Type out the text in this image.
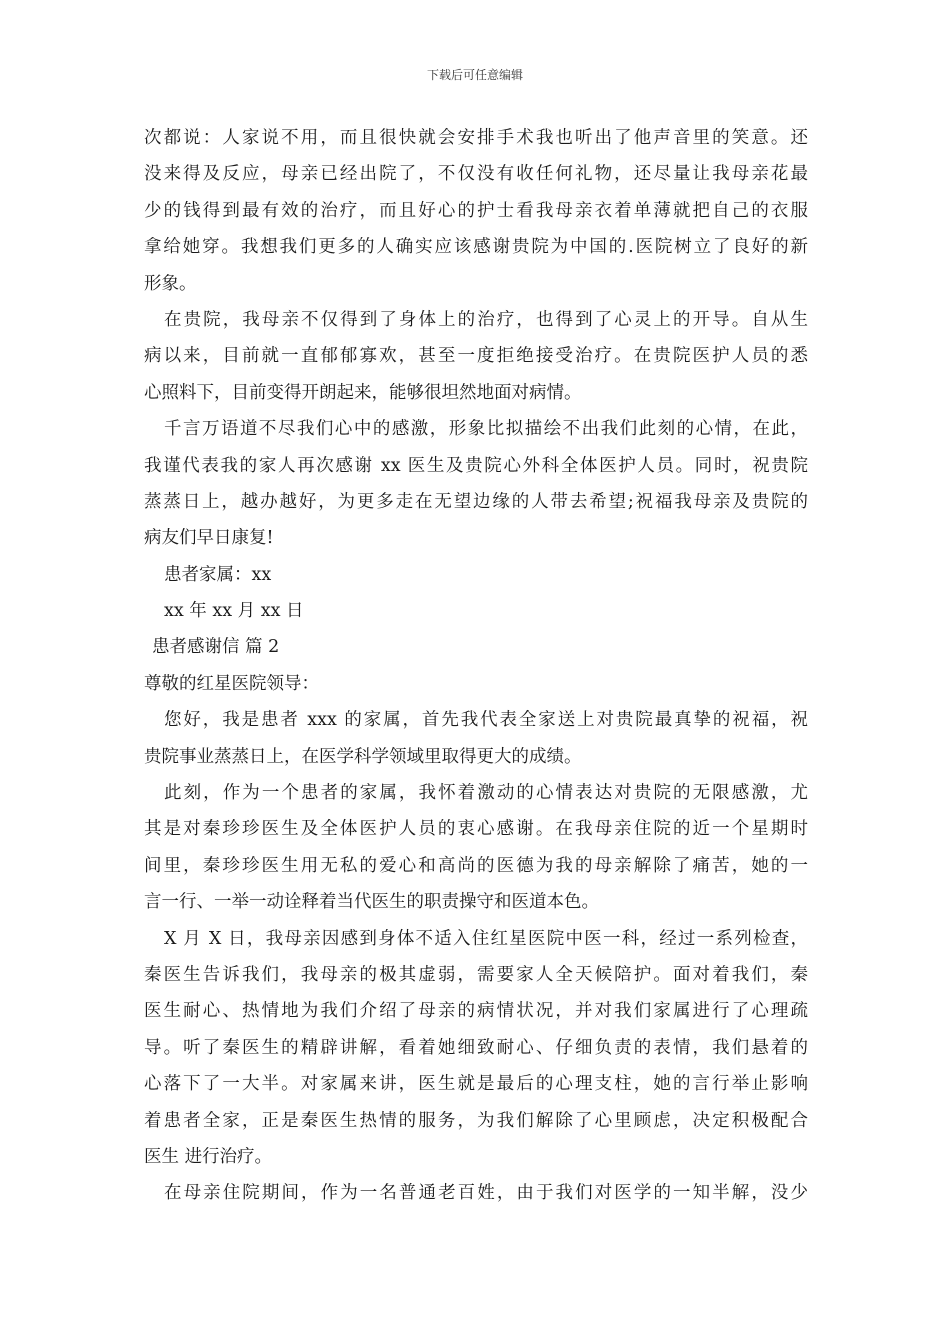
下载后可任意编辑
次都说：人家说不用，而且很快就会安排手术我也听出了他声音里的笑意。还
没来得及反应，母亲已经出院了，不仅没有收任何礼物，还尽量让我母亲花最
少的钱得到最有效的治疗，而且好心的护士看我母亲衣着单薄就把自己的衣服
拿给她穿。我想我们更多的人确实应该感谢贵院为中国的.医院树立了良好的新
形象。
在贵院，我母亲不仅得到了身体上的治疗，也得到了心灵上的开导。自从生
病以来，目前就一直郁郁寡欢，甚至一度拒绝接受治疗。在贵院医护人员的悉
心照料下，目前变得开朗起来，能够很坦然地面对病情。
千言万语道不尽我们心中的感激，形象比拟描绘不出我们此刻的心情，在此，
我谨代表我的家人再次感谢 xx 医生及贵院心外科全体医护人员。同时，祝贵院
蒸蒸日上，越办越好，为更多走在无望边缘的人带去希望;祝福我母亲及贵院的
病友们早日康复!
患者家属：xx
xx 年 xx 月 xx 日
患者感谢信 篇 2
尊敬的红星医院领导：
您好，我是患者 xxx 的家属，首先我代表全家送上对贵院最真挚的祝福，祝
贵院事业蒸蒸日上，在医学科学领域里取得更大的成绩。
此刻，作为一个患者的家属，我怀着激动的心情表达对贵院的无限感激，尤
其是对秦珍珍医生及全体医护人员的衷心感谢。在我母亲住院的近一个星期时
间里，秦珍珍医生用无私的爱心和高尚的医德为我的母亲解除了痛苦，她的一
言一行、一举一动诠释着当代医生的职责操守和医道本色。
X 月 X 日，我母亲因感到身体不适入住红星医院中医一科，经过一系列检查，
秦医生告诉我们，我母亲的极其虚弱，需要家人全天候陪护。面对着我们，秦
医生耐心、热情地为我们介绍了母亲的病情状况，并对我们家属进行了心理疏
导。听了秦医生的精辟讲解，看着她细致耐心、仔细负责的表情，我们悬着的
心落下了一大半。对家属来讲，医生就是最后的心理支柱，她的言行举止影响
着患者全家，正是秦医生热情的服务，为我们解除了心里顾虑，决定积极配合
医生 进行治疗。
在母亲住院期间，作为一名普通老百姓，由于我们对医学的一知半解，没少
